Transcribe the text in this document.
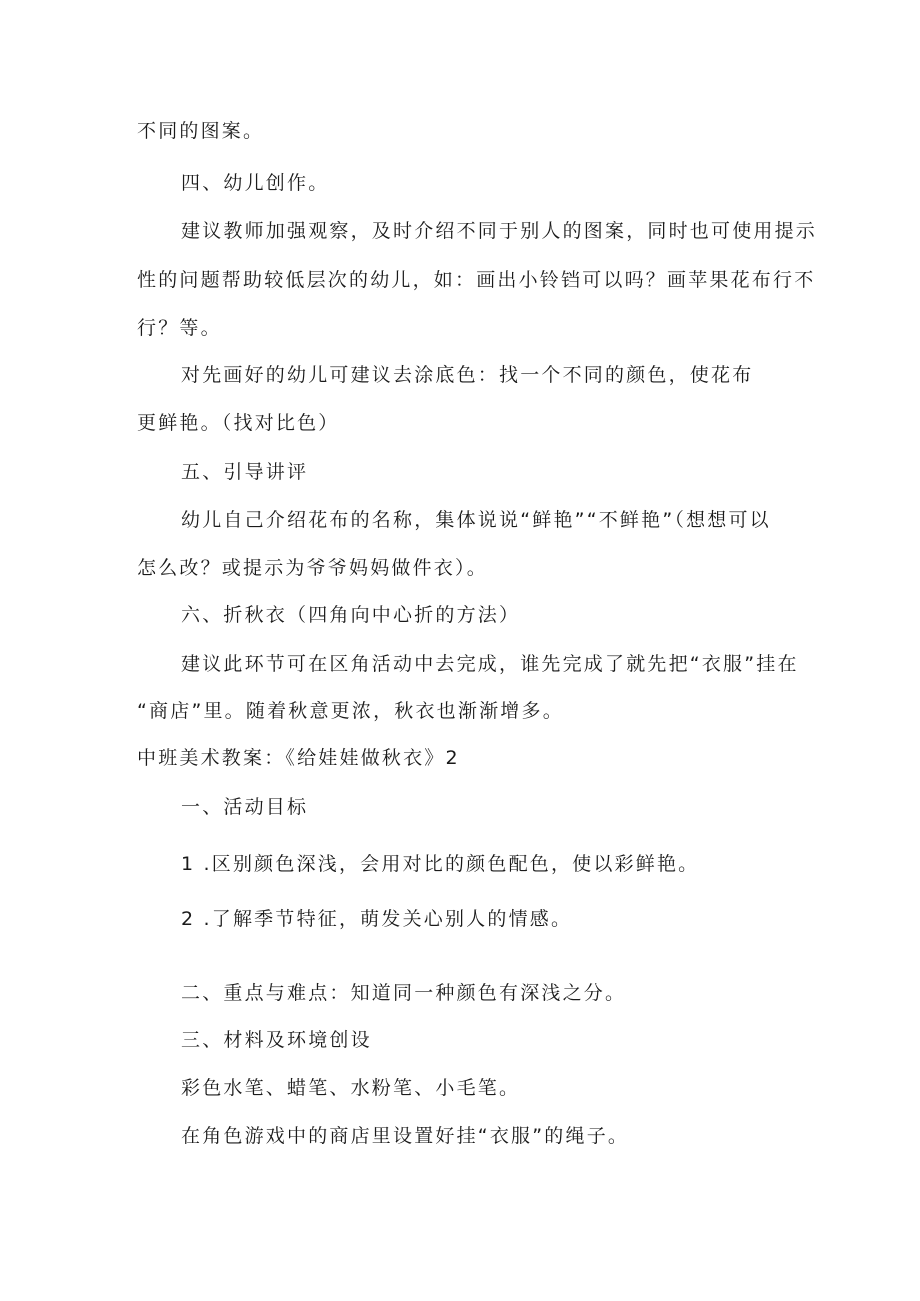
不同的图案。

四、幼儿创作。

建议教师加强观察，及时介绍不同于别人的图案，同时也可使用提示

性的问题帮助较低层次的幼儿，如：画出小铃铛可以吗？画苹果花布行不

行？等。

对先画好的幼儿可建议去涂底色：找一个不同的颜色，使花布

更鲜艳。（找对比色）

五、引导讲评

幼儿自己介绍花布的名称，集体说说“鲜艳”“不鲜艳”（想想可以

怎么改？或提示为爷爷妈妈做件衣）。

六、折秋衣（四角向中心折的方法）

建议此环节可在区角活动中去完成，谁先完成了就先把“衣服”挂在

“商店”里。随着秋意更浓，秋衣也渐渐增多。

中班美术教案：《给娃娃做秋衣》2

一、活动目标

1 .区别颜色深浅，会用对比的颜色配色，使以彩鲜艳。

2 .了解季节特征，萌发关心别人的情感。

二、重点与难点：知道同一种颜色有深浅之分。

三、材料及环境创设

彩色水笔、蜡笔、水粉笔、小毛笔。

在角色游戏中的商店里设置好挂“衣服”的绳子。
